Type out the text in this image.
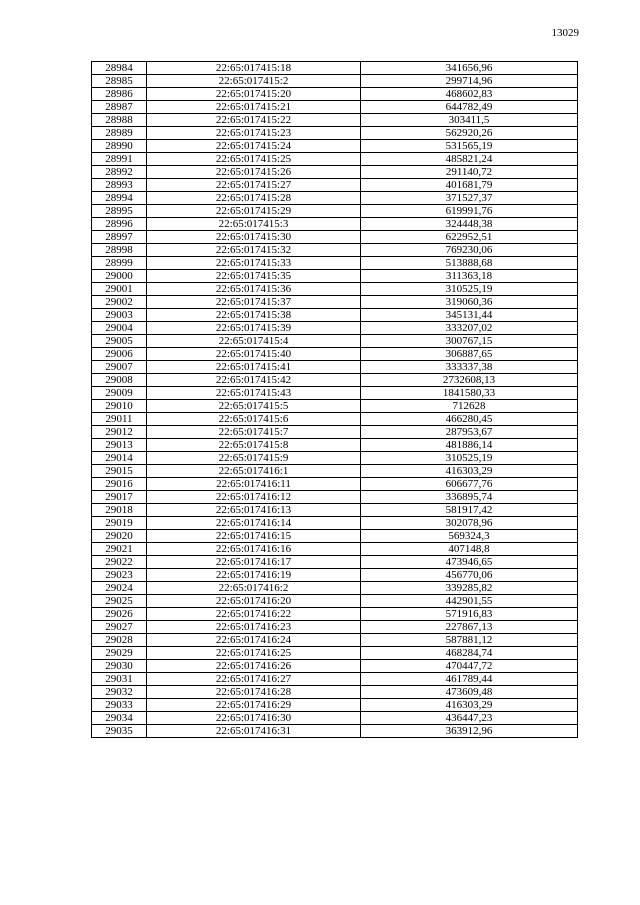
13029
28984	22:65:017415:18	341656,96
28985	22:65:017415:2	299714,96
28986	22:65:017415:20	468602,83
28987	22:65:017415:21	644782,49
28988	22:65:017415:22	303411,5
28989	22:65:017415:23	562920,26
28990	22:65:017415:24	531565,19
28991	22:65:017415:25	485821,24
28992	22:65:017415:26	291140,72
28993	22:65:017415:27	401681,79
28994	22:65:017415:28	371527,37
28995	22:65:017415:29	619991,76
28996	22:65:017415:3	324448,38
28997	22:65:017415:30	622952,51
28998	22:65:017415:32	769230,06
28999	22:65:017415:33	513888,68
29000	22:65:017415:35	311363,18
29001	22:65:017415:36	310525,19
29002	22:65:017415:37	319060,36
29003	22:65:017415:38	345131,44
29004	22:65:017415:39	333207,02
29005	22:65:017415:4	300767,15
29006	22:65:017415:40	306887,65
29007	22:65:017415:41	333337,38
29008	22:65:017415:42	2732608,13
29009	22:65:017415:43	1841580,33
29010	22:65:017415:5	712628
29011	22:65:017415:6	466280,45
29012	22:65:017415:7	287953,67
29013	22:65:017415:8	481886,14
29014	22:65:017415:9	310525,19
29015	22:65:017416:1	416303,29
29016	22:65:017416:11	606677,76
29017	22:65:017416:12	336895,74
29018	22:65:017416:13	581917,42
29019	22:65:017416:14	302078,96
29020	22:65:017416:15	569324,3
29021	22:65:017416:16	407148,8
29022	22:65:017416:17	473946,65
29023	22:65:017416:19	456770,06
29024	22:65:017416:2	339285,82
29025	22:65:017416:20	442901,55
29026	22:65:017416:22	571916,83
29027	22:65:017416:23	227867,13
29028	22:65:017416:24	587881,12
29029	22:65:017416:25	468284,74
29030	22:65:017416:26	470447,72
29031	22:65:017416:27	461789,44
29032	22:65:017416:28	473609,48
29033	22:65:017416:29	416303,29
29034	22:65:017416:30	436447,23
29035	22:65:017416:31	363912,96
